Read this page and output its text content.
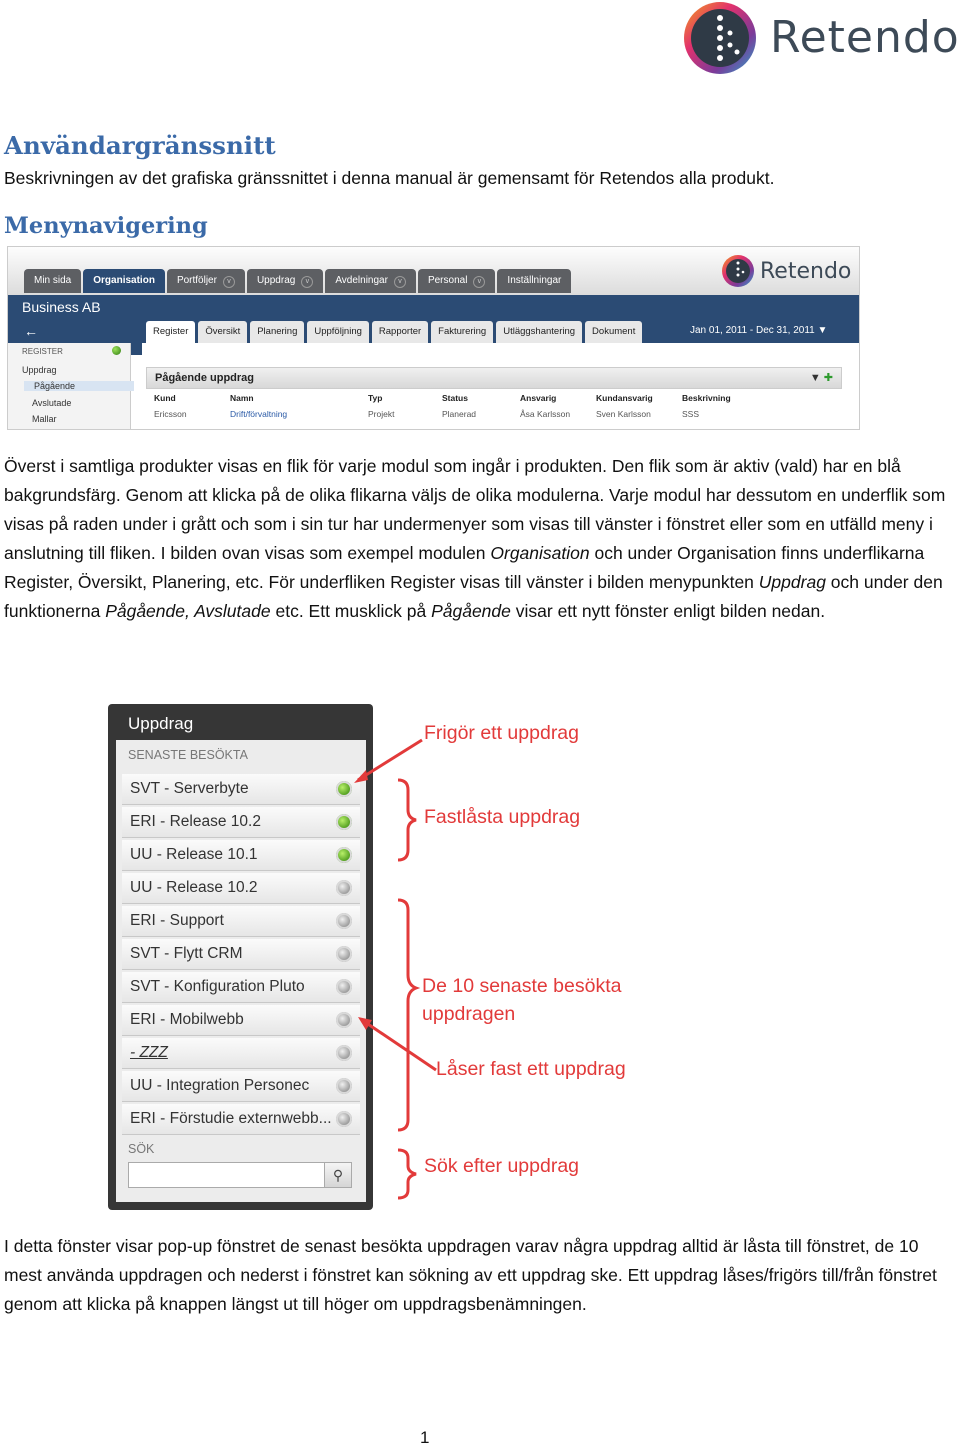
Retendo
Användargränssnitt

Beskrivningen av det grafiska gränssnittet i denna manual är gemensamt för Retendos alla produkt.

Menynavigering
Min sida	Organisation	Portföljer v	Uppdrag v	Avdelningar v	Personal v	Inställningar	Retendo
Business AB
←	Register	Översikt	Planering	Uppföljning	Rapporter	Fakturering	Utläggshantering	Dokument	Jan 01, 2011 - Dec 31, 2011 ▼
REGISTER
Uppdrag
Pågående
Avslutade
Mallar
Pågående uppdrag	▼ ✚
Kund	Namn	Typ	Status	Ansvarig	Kundansvarig	Beskrivning
Ericsson	Drift/förvaltning	Projekt	Planerad	Åsa Karlsson	Sven Karlsson	SSS

Överst i samtliga produkter visas en flik för varje modul som ingår i produkten. Den flik som är aktiv (vald) har en blå bakgrundsfärg. Genom att klicka på de olika flikarna väljs de olika modulerna. Varje modul har dessutom en underflik som visas på raden under i grått och som i sin tur har undermenyer som visas till vänster i fönstret eller som en utfälld meny i anslutning till fliken. I bilden ovan visas som exempel modulen Organisation och under Organisation finns underflikarna Register, Översikt, Planering, etc. För underfliken Register visas till vänster i bilden menypunkten Uppdrag och under den funktionerna Pågående, Avslutade etc. Ett musklick på Pågående visar ett nytt fönster enligt bilden nedan.

Uppdrag
SENASTE BESÖKTA
SVT - Serverbyte
ERI - Release 10.2
UU - Release 10.1
UU - Release 10.2
ERI - Support
SVT - Flytt CRM
SVT - Konfiguration Pluto
ERI - Mobilwebb
- ZZZ
UU - Integration Personec
ERI - Förstudie externwebb...
SÖK
⚲
Frigör ett uppdrag
Fastlåsta uppdrag
De 10 senaste besökta
uppdragen
Låser fast ett uppdrag
Sök efter uppdrag

I detta fönster visar pop-up fönstret de senast besökta uppdragen varav några uppdrag alltid är låsta till fönstret, de 10 mest använda uppdragen och nederst i fönstret kan sökning av ett uppdrag ske. Ett uppdrag låses/frigörs till/från fönstret genom att klicka på knappen längst ut till höger om uppdragsbenämningen.

1
